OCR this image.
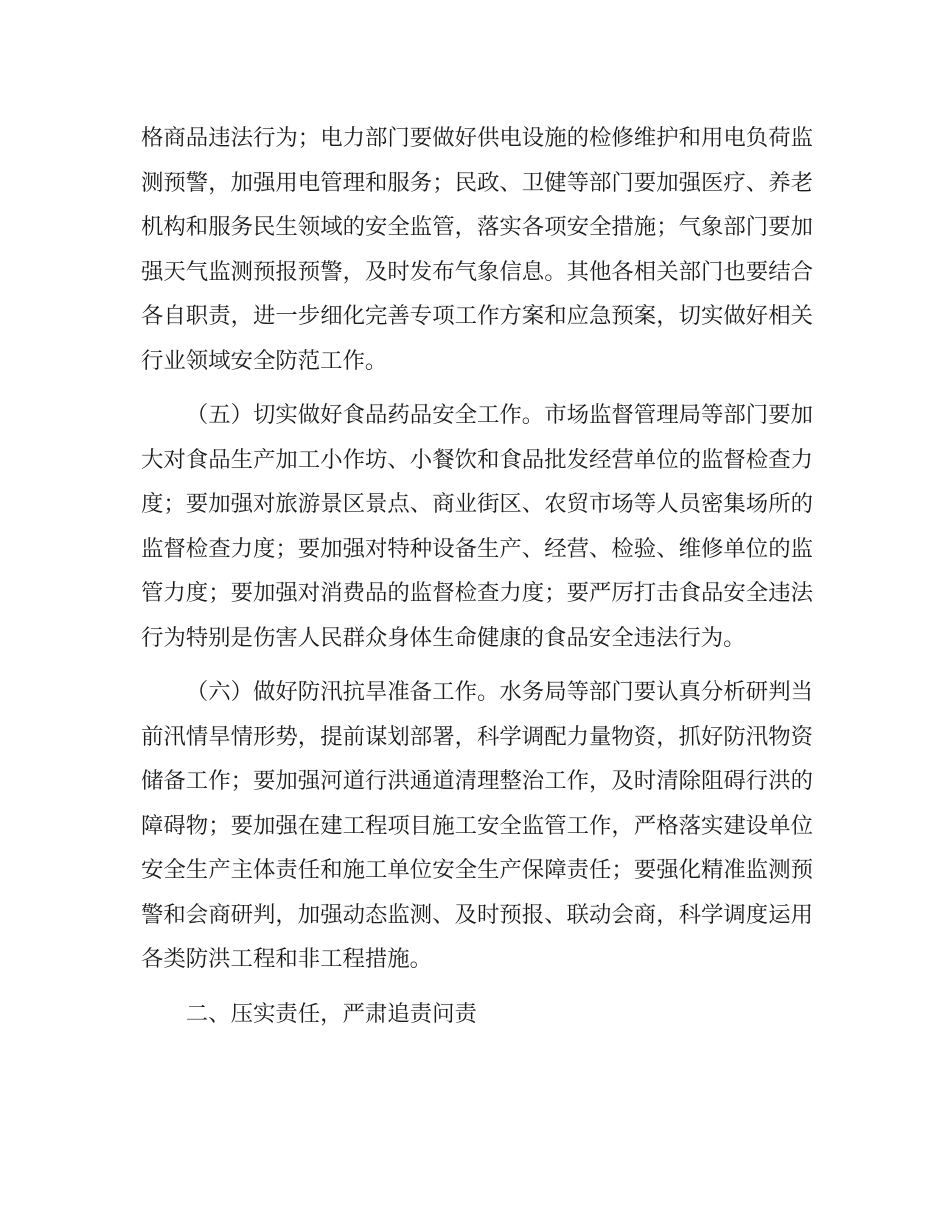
格商品违法行为；电力部门要做好供电设施的检修维护和用电负荷监测预警，加强用电管理和服务；民政、卫健等部门要加强医疗、养老机构和服务民生领域的安全监管，落实各项安全措施；气象部门要加强天气监测预报预警，及时发布气象信息。其他各相关部门也要结合各自职责，进一步细化完善专项工作方案和应急预案，切实做好相关行业领域安全防范工作。

（五）切实做好食品药品安全工作。市场监督管理局等部门要加大对食品生产加工小作坊、小餐饮和食品批发经营单位的监督检查力度；要加强对旅游景区景点、商业街区、农贸市场等人员密集场所的监督检查力度；要加强对特种设备生产、经营、检验、维修单位的监管力度；要加强对消费品的监督检查力度；要严厉打击食品安全违法行为特别是伤害人民群众身体生命健康的食品安全违法行为。

（六）做好防汛抗旱准备工作。水务局等部门要认真分析研判当前汛情旱情形势，提前谋划部署，科学调配力量物资，抓好防汛物资储备工作；要加强河道行洪通道清理整治工作，及时清除阻碍行洪的障碍物；要加强在建工程项目施工安全监管工作，严格落实建设单位安全生产主体责任和施工单位安全生产保障责任；要强化精准监测预警和会商研判，加强动态监测、及时预报、联动会商，科学调度运用各类防洪工程和非工程措施。

二、压实责任，严肃追责问责
